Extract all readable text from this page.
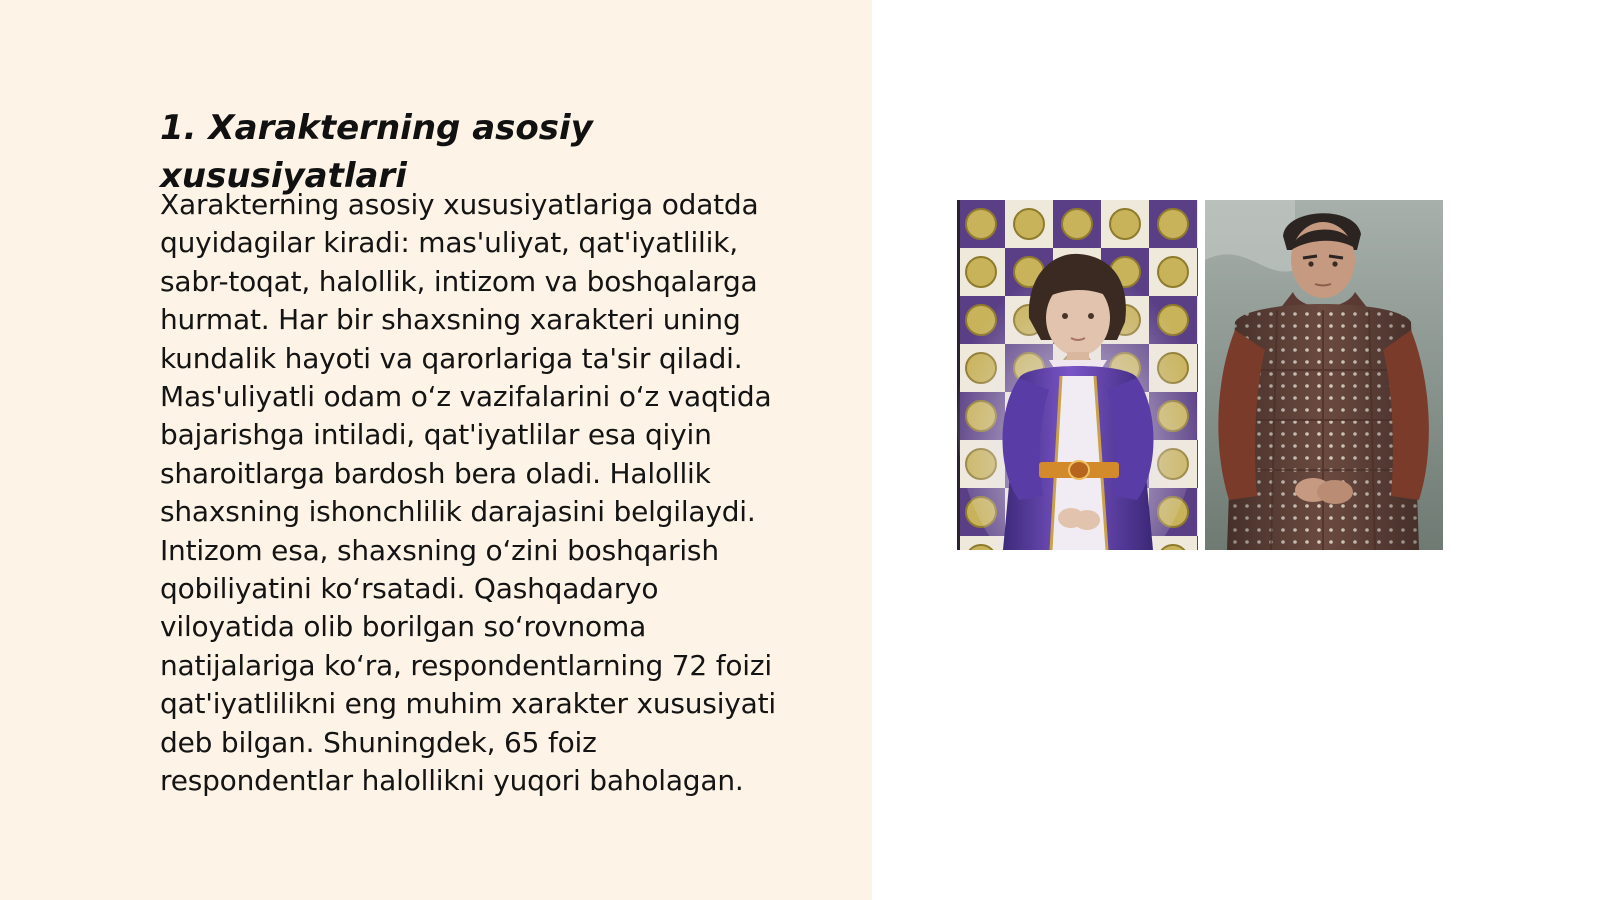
1. Xarakterning asosiy xususiyatlari

Xarakterning asosiy xususiyatlariga odatda
quyidagilar kiradi: mas'uliyat, qat'iyatlilik,
sabr-toqat, halollik, intizom va boshqalarga
hurmat. Har bir shaxsning xarakteri uning
kundalik hayoti va qarorlariga ta'sir qiladi.
Mas'uliyatli odam o‘z vazifalarini o‘z vaqtida
bajarishga intiladi, qat'iyatlilar esa qiyin
sharoitlarga bardosh bera oladi. Halollik
shaxsning ishonchlilik darajasini belgilaydi.
Intizom esa, shaxsning o‘zini boshqarish
qobiliyatini ko‘rsatadi. Qashqadaryo
viloyatida olib borilgan so‘rovnoma
natijalariga ko‘ra, respondentlarning 72 foizi
qat'iyatlilikni eng muhim xarakter xususiyati
deb bilgan. Shuningdek, 65 foiz
respondentlar halollikni yuqori baholagan.
